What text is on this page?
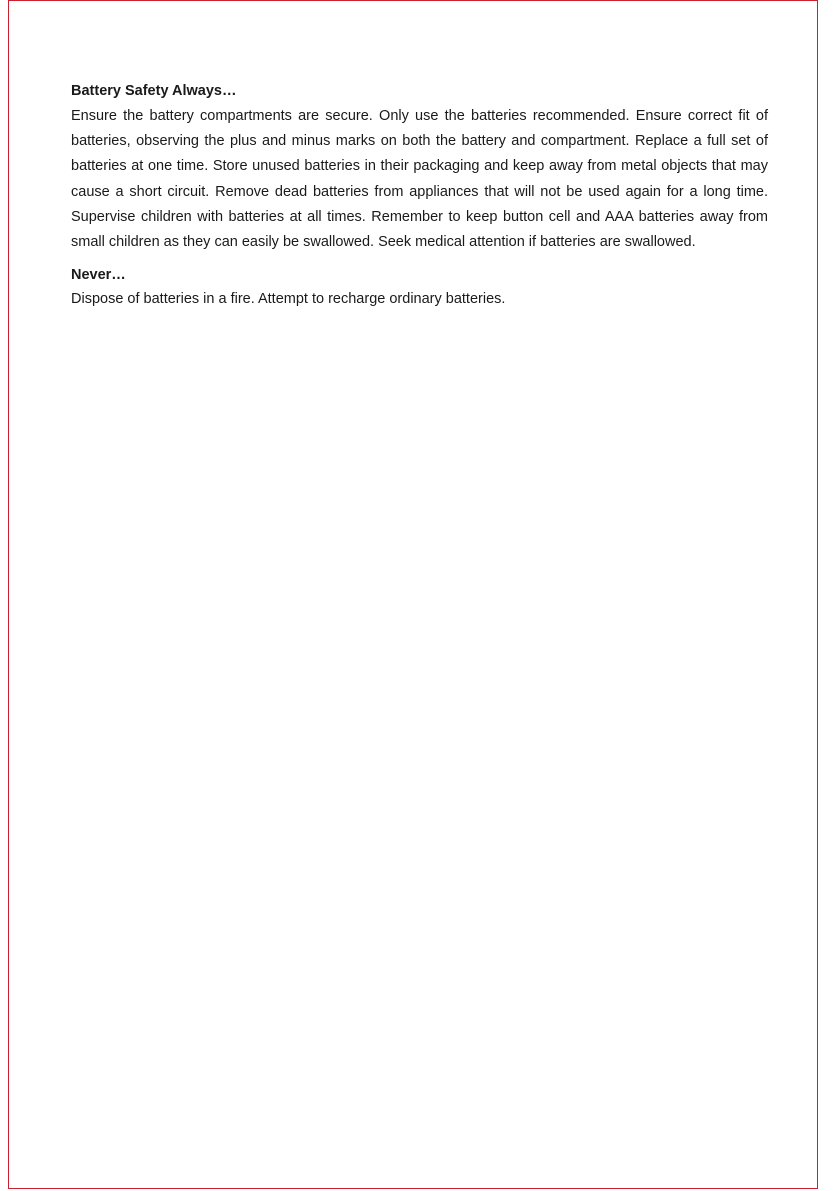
Battery Safety Always…

Ensure the battery compartments are secure. Only use the batteries recommended. Ensure correct fit of batteries, observing the plus and minus marks on both the battery and compartment. Replace a full set of batteries at one time. Store unused batteries in their packaging and keep away from metal objects that may cause a short circuit. Remove dead batteries from appliances that will not be used again for a long time. Supervise children with batteries at all times. Remember to keep button cell and AAA batteries away from small children as they can easily be swallowed. Seek medical attention if batteries are swallowed.

Never…

Dispose of batteries in a fire. Attempt to recharge ordinary batteries.
